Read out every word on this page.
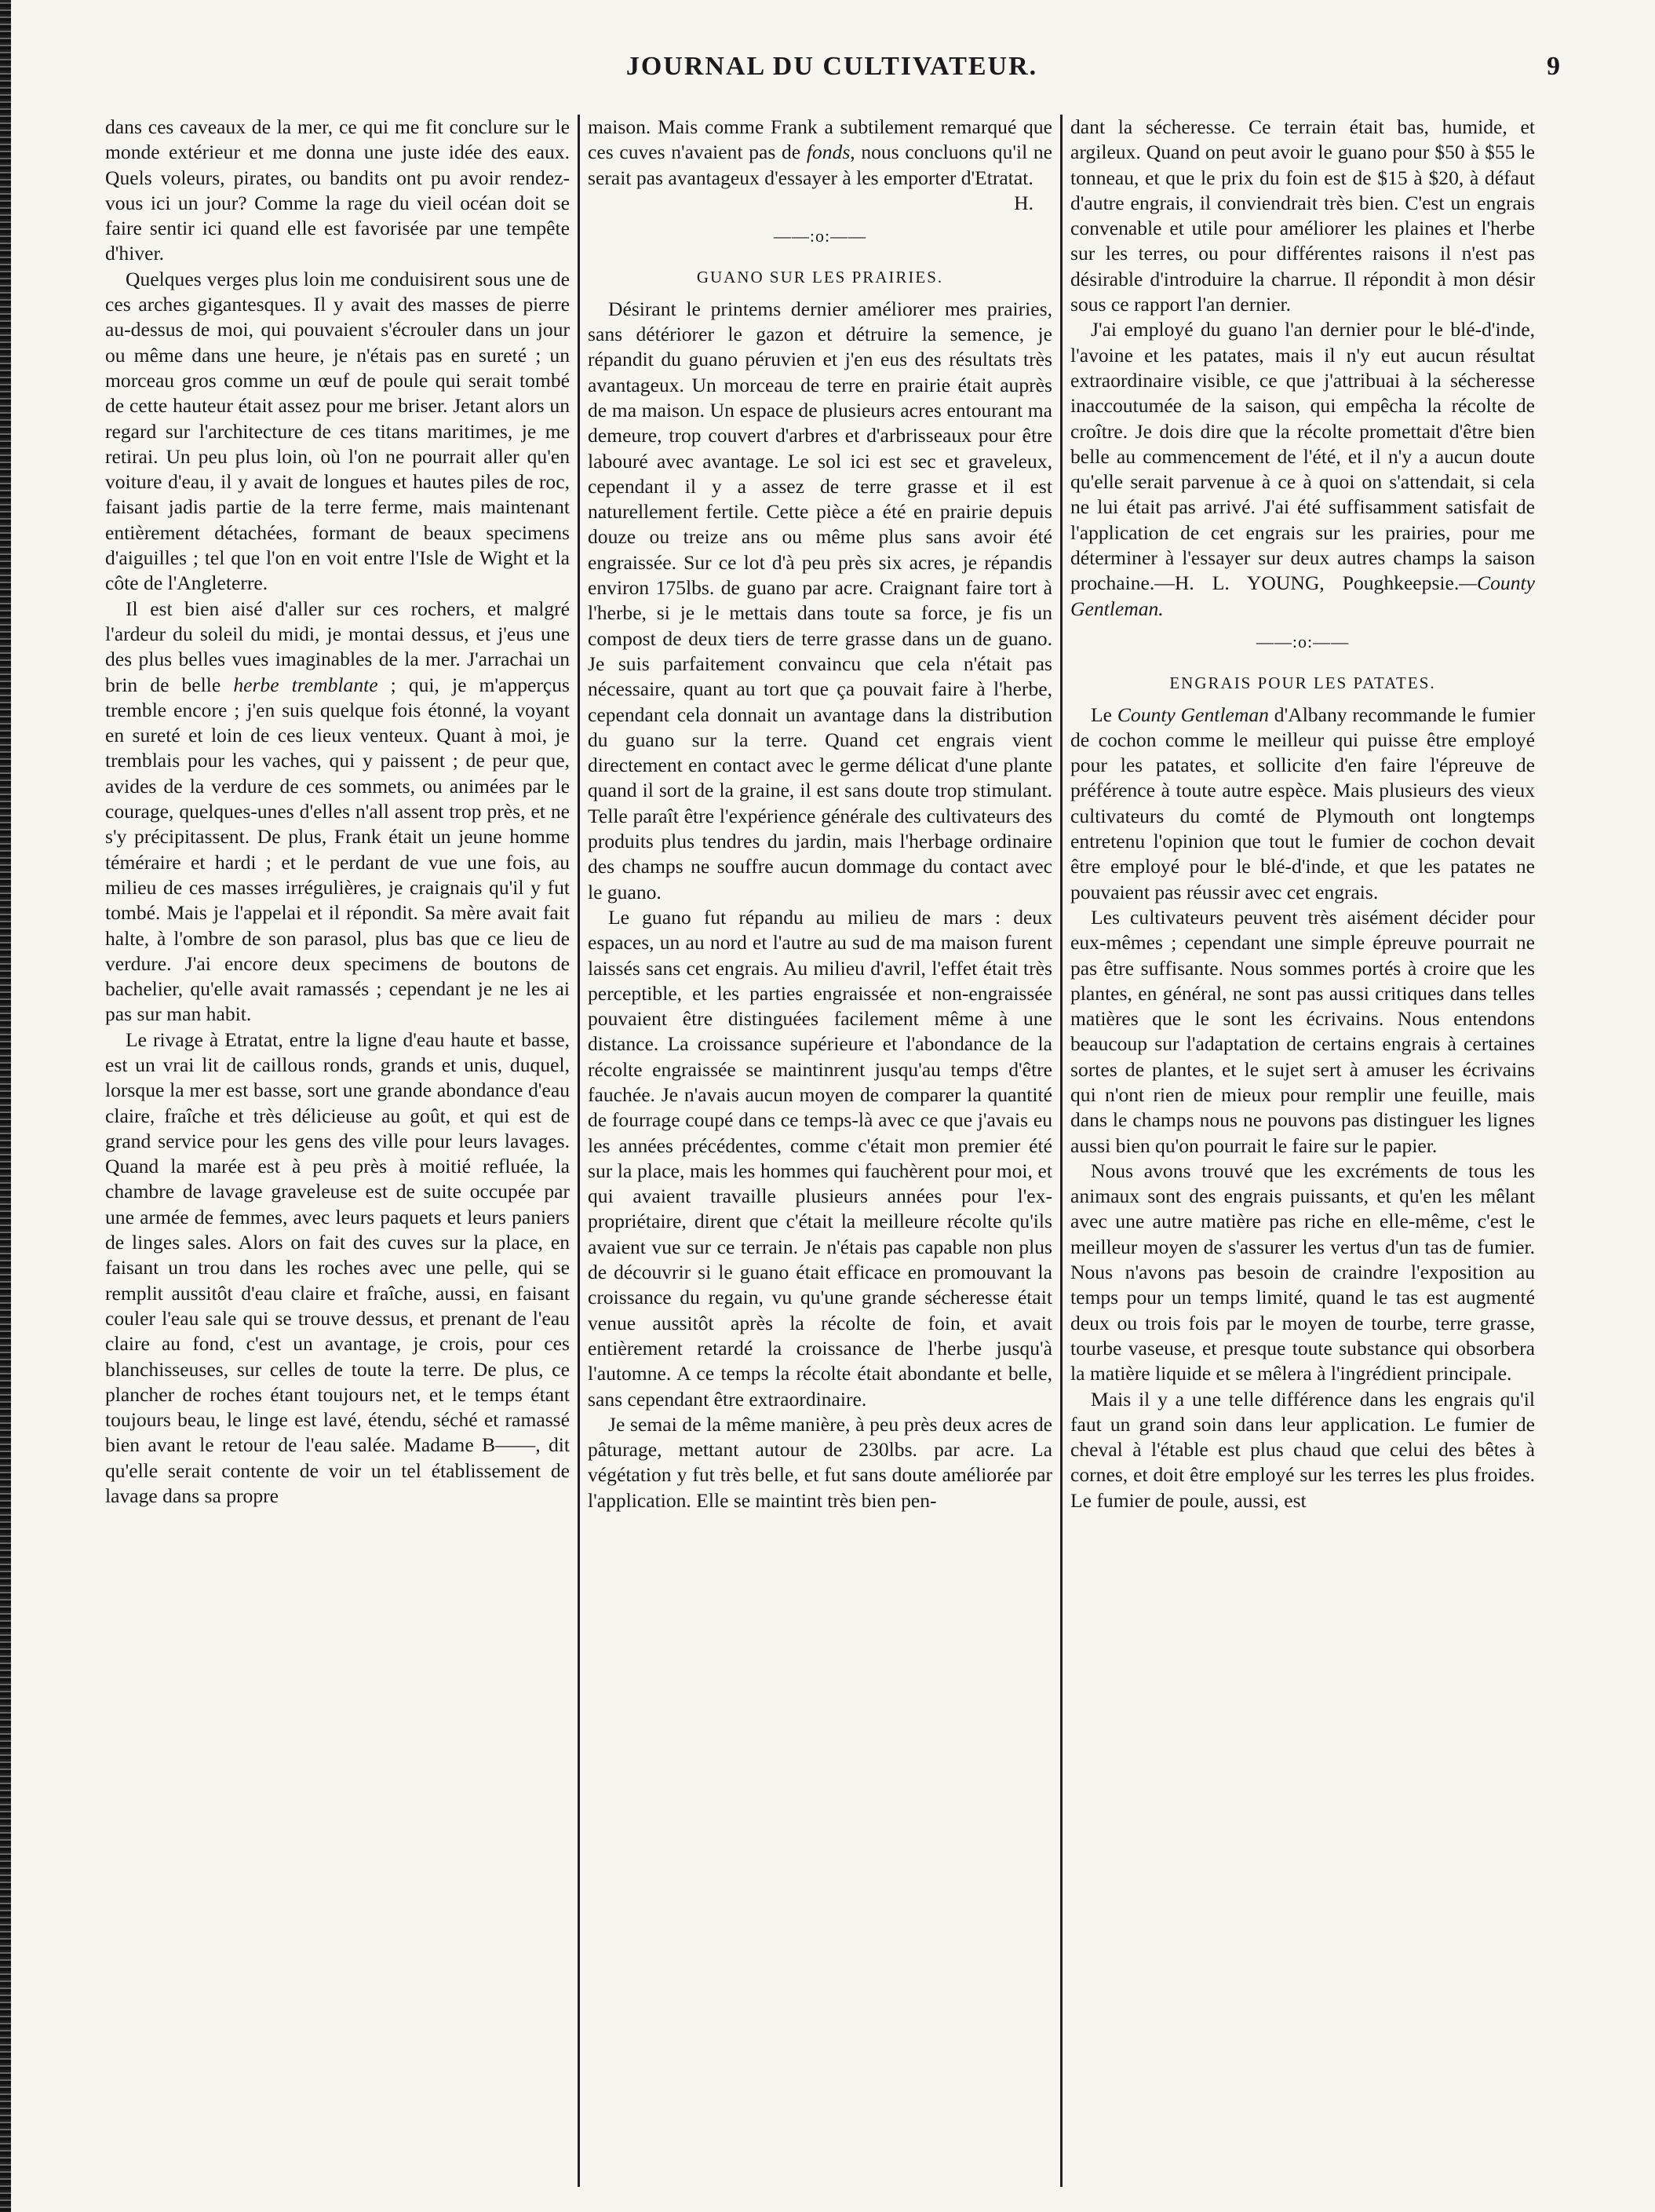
JOURNAL DU CULTIVATEUR.	9

dans ces caveaux de la mer, ce qui me fit conclure sur le monde extérieur et me donna une juste idée des eaux. Quels voleurs, pirates, ou bandits ont pu avoir rendez-vous ici un jour? Comme la rage du vieil océan doit se faire sentir ici quand elle est favorisée par une tempête d'hiver.

Quelques verges plus loin me conduisirent sous une de ces arches gigantesques. Il y avait des masses de pierre au-dessus de moi, qui pouvaient s'écrouler dans un jour ou même dans une heure, je n'étais pas en sureté ; un morceau gros comme un œuf de poule qui serait tombé de cette hauteur était assez pour me briser. Jetant alors un regard sur l'architecture de ces titans maritimes, je me retirai. Un peu plus loin, où l'on ne pourrait aller qu'en voiture d'eau, il y avait de longues et hautes piles de roc, faisant jadis partie de la terre ferme, mais maintenant entièrement détachées, formant de beaux specimens d'aiguilles ; tel que l'on en voit entre l'Isle de Wight et la côte de l'Angleterre.

Il est bien aisé d'aller sur ces rochers, et malgré l'ardeur du soleil du midi, je montai dessus, et j'eus une des plus belles vues imaginables de la mer. J'arrachai un brin de belle herbe tremblante ; qui, je m'apperçus tremble encore ; j'en suis quelque fois étonné, la voyant en sureté et loin de ces lieux venteux. Quant à moi, je tremblais pour les vaches, qui y paissent ; de peur que, avides de la verdure de ces sommets, ou animées par le courage, quelques-unes d'elles n'all assent trop près, et ne s'y précipitassent. De plus, Frank était un jeune homme téméraire et hardi ; et le perdant de vue une fois, au milieu de ces masses irrégulières, je craignais qu'il y fut tombé. Mais je l'appelai et il répondit. Sa mère avait fait halte, à l'ombre de son parasol, plus bas que ce lieu de verdure. J'ai encore deux specimens de boutons de bachelier, qu'elle avait ramassés ; cependant je ne les ai pas sur man habit.

Le rivage à Etratat, entre la ligne d'eau haute et basse, est un vrai lit de caillous ronds, grands et unis, duquel, lorsque la mer est basse, sort une grande abondance d'eau claire, fraîche et très délicieuse au goût, et qui est de grand service pour les gens des ville pour leurs lavages. Quand la marée est à peu près à moitié refluée, la chambre de lavage graveleuse est de suite occupée par une armée de femmes, avec leurs paquets et leurs paniers de linges sales. Alors on fait des cuves sur la place, en faisant un trou dans les roches avec une pelle, qui se remplit aussitôt d'eau claire et fraîche, aussi, en faisant couler l'eau sale qui se trouve dessus, et prenant de l'eau claire au fond, c'est un avantage, je crois, pour ces blanchisseuses, sur celles de toute la terre. De plus, ce plancher de roches étant toujours net, et le temps étant toujours beau, le linge est lavé, étendu, séché et ramassé bien avant le retour de l'eau salée. Madame B——, dit qu'elle serait contente de voir un tel établissement de lavage dans sa propre

maison. Mais comme Frank a subtilement remarqué que ces cuves n'avaient pas de fonds, nous concluons qu'il ne serait pas avantageux d'essayer à les emporter d'Etratat.

H.

——:o:——
GUANO SUR LES PRAIRIES.

Désirant le printems dernier améliorer mes prairies, sans détériorer le gazon et détruire la semence, je répandit du guano péruvien et j'en eus des résultats très avantageux. Un morceau de terre en prairie était auprès de ma maison. Un espace de plusieurs acres entourant ma demeure, trop couvert d'arbres et d'arbrisseaux pour être labouré avec avantage. Le sol ici est sec et graveleux, cependant il y a assez de terre grasse et il est naturellement fertile. Cette pièce a été en prairie depuis douze ou treize ans ou même plus sans avoir été engraissée. Sur ce lot d'à peu près six acres, je répandis environ 175lbs. de guano par acre. Craignant faire tort à l'herbe, si je le mettais dans toute sa force, je fis un compost de deux tiers de terre grasse dans un de guano. Je suis parfaitement convaincu que cela n'était pas nécessaire, quant au tort que ça pouvait faire à l'herbe, cependant cela donnait un avantage dans la distribution du guano sur la terre. Quand cet engrais vient directement en contact avec le germe délicat d'une plante quand il sort de la graine, il est sans doute trop stimulant. Telle paraît être l'expérience générale des cultivateurs des produits plus tendres du jardin, mais l'herbage ordinaire des champs ne souffre aucun dommage du contact avec le guano.

Le guano fut répandu au milieu de mars : deux espaces, un au nord et l'autre au sud de ma maison furent laissés sans cet engrais. Au milieu d'avril, l'effet était très perceptible, et les parties engraissée et non-engraissée pouvaient être distinguées facilement même à une distance. La croissance supérieure et l'abondance de la récolte engraissée se maintinrent jusqu'au temps d'être fauchée. Je n'avais aucun moyen de comparer la quantité de fourrage coupé dans ce temps-là avec ce que j'avais eu les années précédentes, comme c'était mon premier été sur la place, mais les hommes qui fauchèrent pour moi, et qui avaient travaille plusieurs années pour l'ex-propriétaire, dirent que c'était la meilleure récolte qu'ils avaient vue sur ce terrain. Je n'étais pas capable non plus de découvrir si le guano était efficace en promouvant la croissance du regain, vu qu'une grande sécheresse était venue aussitôt après la récolte de foin, et avait entièrement retardé la croissance de l'herbe jusqu'à l'automne. A ce temps la récolte était abondante et belle, sans cependant être extraordinaire.

Je semai de la même manière, à peu près deux acres de pâturage, mettant autour de 230lbs. par acre. La végétation y fut très belle, et fut sans doute améliorée par l'application. Elle se maintint très bien pen-

dant la sécheresse. Ce terrain était bas, humide, et argileux. Quand on peut avoir le guano pour $50 à $55 le tonneau, et que le prix du foin est de $15 à $20, à défaut d'autre engrais, il conviendrait très bien. C'est un engrais convenable et utile pour améliorer les plaines et l'herbe sur les terres, ou pour différentes raisons il n'est pas désirable d'introduire la charrue. Il répondit à mon désir sous ce rapport l'an dernier.

J'ai employé du guano l'an dernier pour le blé-d'inde, l'avoine et les patates, mais il n'y eut aucun résultat extraordinaire visible, ce que j'attribuai à la sécheresse inaccoutumée de la saison, qui empêcha la récolte de croître. Je dois dire que la récolte promettait d'être bien belle au commencement de l'été, et il n'y a aucun doute qu'elle serait parvenue à ce à quoi on s'attendait, si cela ne lui était pas arrivé. J'ai été suffisamment satisfait de l'application de cet engrais sur les prairies, pour me déterminer à l'essayer sur deux autres champs la saison prochaine.—H. L. YOUNG, Poughkeepsie.—County Gentleman.

——:o:——
ENGRAIS POUR LES PATATES.

Le County Gentleman d'Albany recommande le fumier de cochon comme le meilleur qui puisse être employé pour les patates, et sollicite d'en faire l'épreuve de préférence à toute autre espèce. Mais plusieurs des vieux cultivateurs du comté de Plymouth ont longtemps entretenu l'opinion que tout le fumier de cochon devait être employé pour le blé-d'inde, et que les patates ne pouvaient pas réussir avec cet engrais.

Les cultivateurs peuvent très aisément décider pour eux-mêmes ; cependant une simple épreuve pourrait ne pas être suffisante. Nous sommes portés à croire que les plantes, en général, ne sont pas aussi critiques dans telles matières que le sont les écrivains. Nous entendons beaucoup sur l'adaptation de certains engrais à certaines sortes de plantes, et le sujet sert à amuser les écrivains qui n'ont rien de mieux pour remplir une feuille, mais dans le champs nous ne pouvons pas distinguer les lignes aussi bien qu'on pourrait le faire sur le papier.

Nous avons trouvé que les excréments de tous les animaux sont des engrais puissants, et qu'en les mêlant avec une autre matière pas riche en elle-même, c'est le meilleur moyen de s'assurer les vertus d'un tas de fumier. Nous n'avons pas besoin de craindre l'exposition au temps pour un temps limité, quand le tas est augmenté deux ou trois fois par le moyen de tourbe, terre grasse, tourbe vaseuse, et presque toute substance qui obsorbera la matière liquide et se mêlera à l'ingrédient principale.

Mais il y a une telle différence dans les engrais qu'il faut un grand soin dans leur application. Le fumier de cheval à l'étable est plus chaud que celui des bêtes à cornes, et doit être employé sur les terres les plus froides. Le fumier de poule, aussi, est
